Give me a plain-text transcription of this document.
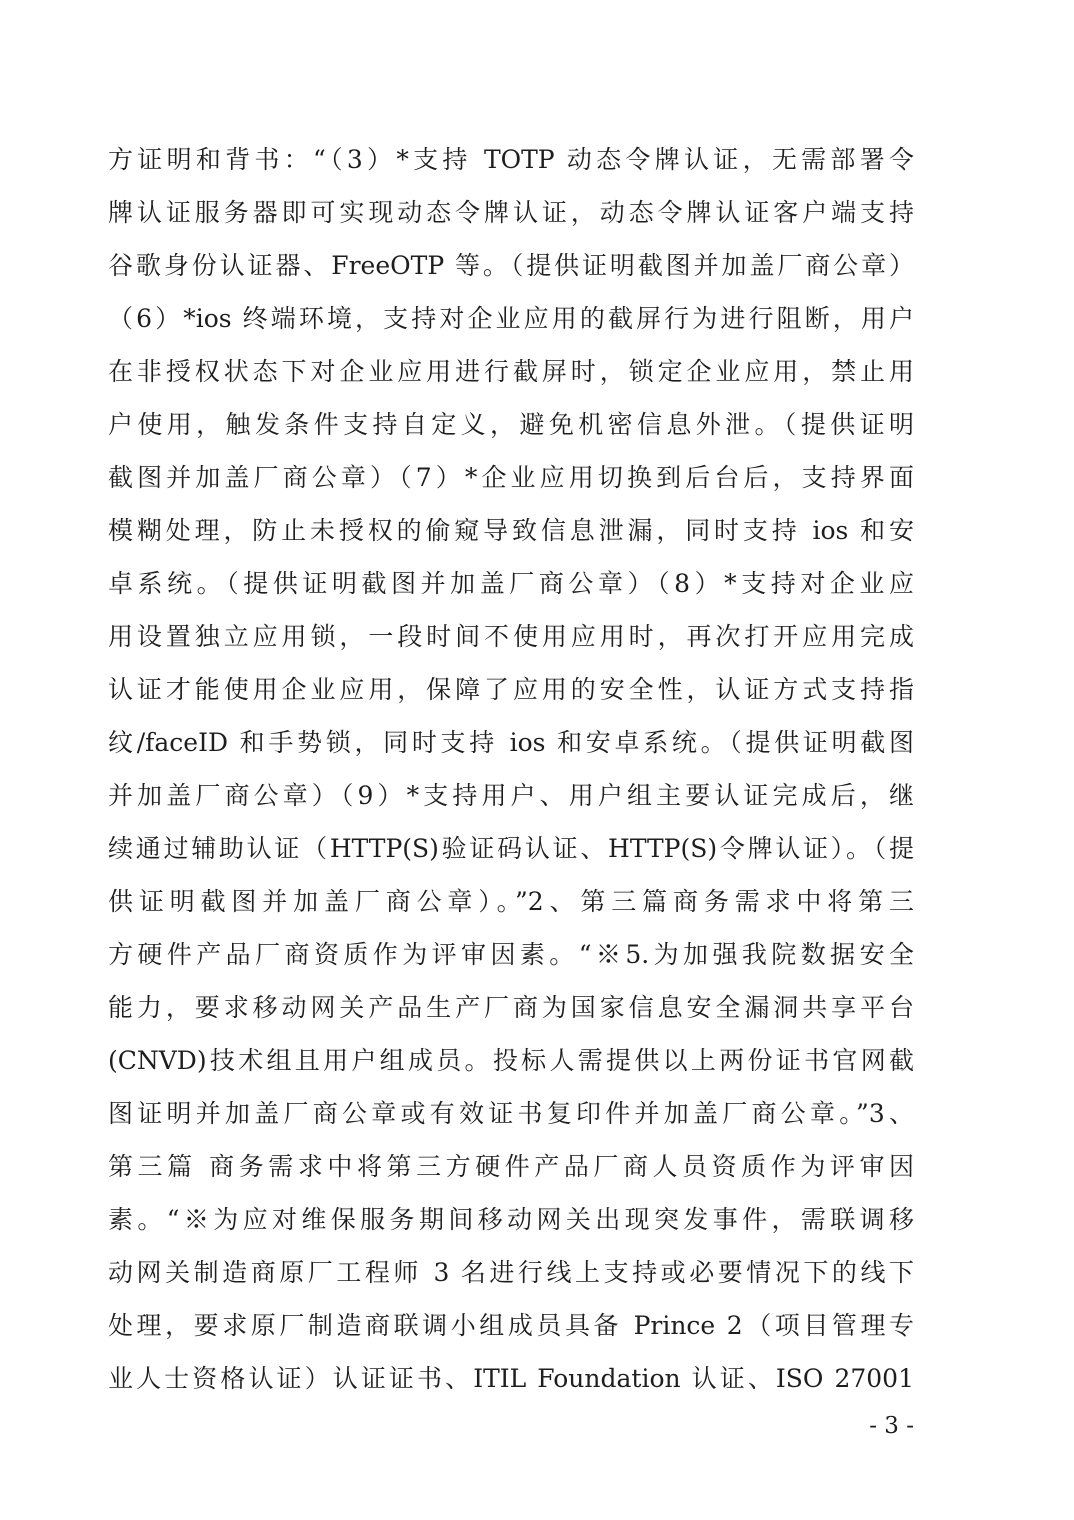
方证明和背书：“（3）*支持 TOTP 动态令牌认证，无需部署令
牌认证服务器即可实现动态令牌认证，动态令牌认证客户端支持
谷歌身份认证器、FreeOTP 等。（提供证明截图并加盖厂商公章）
（6）*ios 终端环境，支持对企业应用的截屏行为进行阻断，用户
在非授权状态下对企业应用进行截屏时，锁定企业应用，禁止用
户使用，触发条件支持自定义，避免机密信息外泄。（提供证明
截图并加盖厂商公章）（7）*企业应用切换到后台后，支持界面
模糊处理，防止未授权的偷窥导致信息泄漏，同时支持 ios 和安
卓系统。（提供证明截图并加盖厂商公章）（8）*支持对企业应
用设置独立应用锁，一段时间不使用应用时，再次打开应用完成
认证才能使用企业应用，保障了应用的安全性，认证方式支持指
纹/faceID 和手势锁，同时支持 ios 和安卓系统。（提供证明截图
并加盖厂商公章）（9）*支持用户、用户组主要认证完成后，继
续通过辅助认证（HTTP(S)验证码认证、HTTP(S)令牌认证）。（提
供证明截图并加盖厂商公章）。”2、第三篇商务需求中将第三
方硬件产品厂商资质作为评审因素。“※5.为加强我院数据安全
能力，要求移动网关产品生产厂商为国家信息安全漏洞共享平台
(CNVD)技术组且用户组成员。投标人需提供以上两份证书官网截
图证明并加盖厂商公章或有效证书复印件并加盖厂商公章。”3、
第三篇 商务需求中将第三方硬件产品厂商人员资质作为评审因
素。“※为应对维保服务期间移动网关出现突发事件，需联调移
动网关制造商原厂工程师 3 名进行线上支持或必要情况下的线下
处理，要求原厂制造商联调小组成员具备 Prince 2（项目管理专
业人士资格认证）认证证书、ITIL Foundation 认证、ISO 27001
- 3 -
